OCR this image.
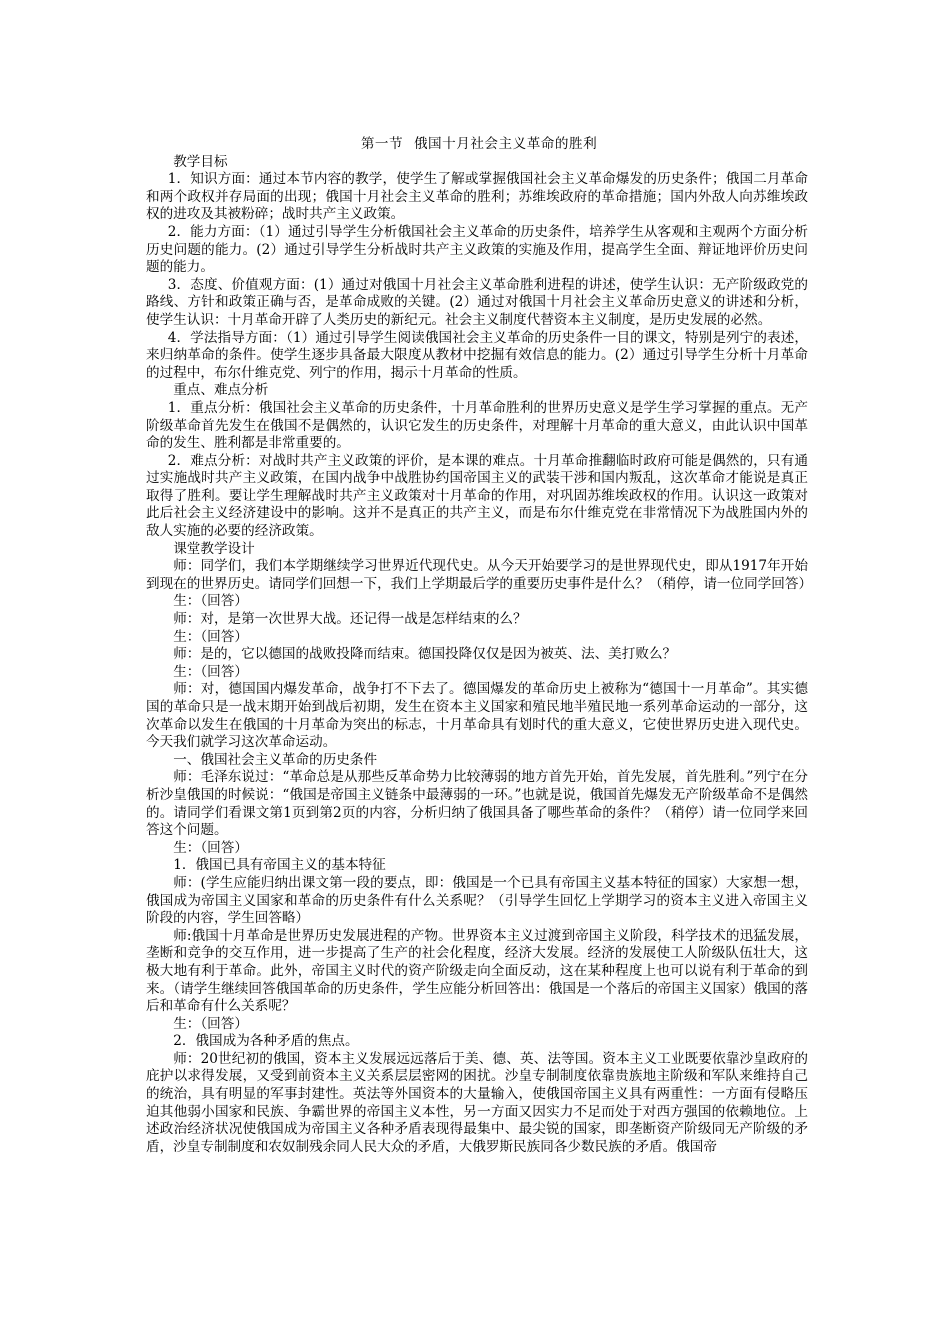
第一节 俄国十月社会主义革命的胜利

教学目标

1．知识方面：通过本节内容的教学，使学生了解或掌握俄国社会主义革命爆发的历史条件；俄国二月革命和两个政权并存局面的出现；俄国十月社会主义革命的胜利；苏维埃政府的革命措施；国内外敌人向苏维埃政权的进攻及其被粉碎；战时共产主义政策。

2．能力方面：（1）通过引导学生分析俄国社会主义革命的历史条件，培养学生从客观和主观两个方面分析历史问题的能力。(2）通过引导学生分析战时共产主义政策的实施及作用，提高学生全面、辩证地评价历史问题的能力。

3．态度、价值观方面：(1）通过对俄国十月社会主义革命胜利进程的讲述，使学生认识：无产阶级政党的路线、方针和政策正确与否，是革命成败的关键。(2）通过对俄国十月社会主义革命历史意义的讲述和分析，使学生认识：十月革命开辟了人类历史的新纪元。社会主义制度代替资本主义制度，是历史发展的必然。

4．学法指导方面：（1）通过引导学生阅读俄国社会主义革命的历史条件一目的课文，特别是列宁的表述，来归纳革命的条件。使学生逐步具备最大限度从教材中挖掘有效信息的能力。(2）通过引导学生分析十月革命的过程中，布尔什维克党、列宁的作用，揭示十月革命的性质。

重点、难点分析

1．重点分析：俄国社会主义革命的历史条件，十月革命胜利的世界历史意义是学生学习掌握的重点。无产阶级革命首先发生在俄国不是偶然的，认识它发生的历史条件，对理解十月革命的重大意义，由此认识中国革命的发生、胜利都是非常重要的。

2．难点分析：对战时共产主义政策的评价，是本课的难点。十月革命推翻临时政府可能是偶然的，只有通过实施战时共产主义政策，在国内战争中战胜协约国帝国主义的武装干涉和国内叛乱，这次革命才能说是真正取得了胜利。要让学生理解战时共产主义政策对十月革命的作用，对巩固苏维埃政权的作用。认识这一政策对此后社会主义经济建设中的影响。这并不是真正的共产主义，而是布尔什维克党在非常情况下为战胜国内外的敌人实施的必要的经济政策。

课堂教学设计

师：同学们，我们本学期继续学习世界近代现代史。从今天开始要学习的是世界现代史，即从1917年开始到现在的世界历史。请同学们回想一下，我们上学期最后学的重要历史事件是什么？（稍停，请一位同学回答）

生：（回答）

师：对，是第一次世界大战。还记得一战是怎样结束的么？

生：（回答）

师：是的，它以德国的战败投降而结束。德国投降仅仅是因为被英、法、美打败么？

生：（回答）

师：对，德国国内爆发革命，战争打不下去了。德国爆发的革命历史上被称为“德国十一月革命”。其实德国的革命只是一战末期开始到战后初期，发生在资本主义国家和殖民地半殖民地一系列革命运动的一部分，这次革命以发生在俄国的十月革命为突出的标志，十月革命具有划时代的重大意义，它使世界历史进入现代史。今天我们就学习这次革命运动。

一、俄国社会主义革命的历史条件

师：毛泽东说过：“革命总是从那些反革命势力比较薄弱的地方首先开始，首先发展，首先胜利。”列宁在分析沙皇俄国的时候说：“俄国是帝国主义链条中最薄弱的一环。”也就是说，俄国首先爆发无产阶级革命不是偶然的。请同学们看课文第1页到第2页的内容，分析归纳了俄国具备了哪些革命的条件？（稍停）请一位同学来回答这个问题。

生：（回答）

1．俄国已具有帝国主义的基本特征

师：(学生应能归纳出课文第一段的要点，即：俄国是一个已具有帝国主义基本特征的国家）大家想一想，俄国成为帝国主义国家和革命的历史条件有什么关系呢？（引导学生回忆上学期学习的资本主义进入帝国主义阶段的内容，学生回答略）

师:俄国十月革命是世界历史发展进程的产物。世界资本主义过渡到帝国主义阶段，科学技术的迅猛发展，垄断和竞争的交互作用，进一步提高了生产的社会化程度，经济大发展。经济的发展使工人阶级队伍壮大，这极大地有利于革命。此外，帝国主义时代的资产阶级走向全面反动，这在某种程度上也可以说有利于革命的到来。（请学生继续回答俄国革命的历史条件，学生应能分析回答出：俄国是一个落后的帝国主义国家）俄国的落后和革命有什么关系呢？

生：（回答）

2．俄国成为各种矛盾的焦点。

师：20世纪初的俄国，资本主义发展远远落后于美、德、英、法等国。资本主义工业既要依靠沙皇政府的庇护以求得发展，又受到前资本主义关系层层密网的困扰。沙皇专制制度依靠贵族地主阶级和军队来维持自己的统治，具有明显的军事封建性。英法等外国资本的大量输入，使俄国帝国主义具有两重性：一方面有侵略压迫其他弱小国家和民族、争霸世界的帝国主义本性，另一方面又因实力不足而处于对西方强国的依赖地位。上述政治经济状况使俄国成为帝国主义各种矛盾表现得最集中、最尖锐的国家，即垄断资产阶级同无产阶级的矛盾，沙皇专制制度和农奴制残余同人民大众的矛盾，大俄罗斯民族同各少数民族的矛盾。俄国帝
